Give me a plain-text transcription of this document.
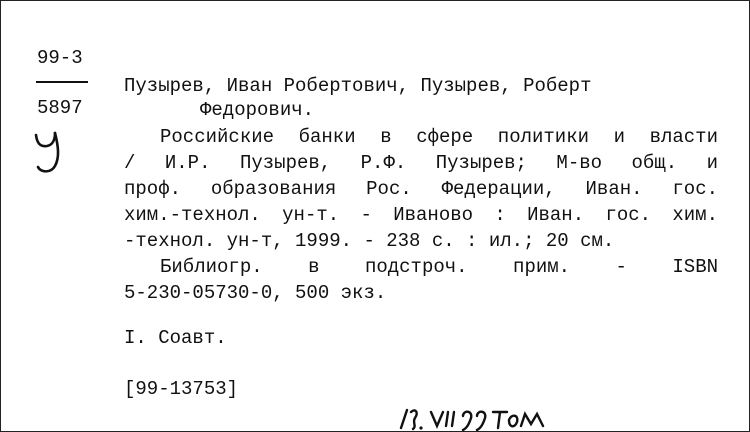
99-3
5897
Пузырев, Иван Робертович, Пузырев, Роберт
Федорович.
Российские банки в сфере политики и власти
/ И.Р. Пузырев, Р.Ф. Пузырев; М-во общ. и
проф. образования Рос. Федерации, Иван. гос.
хим.-технол. ун-т. - Иваново : Иван. гос. хим.
-технол. ун-т, 1999. - 238 с. : ил.; 20 см.
Библиогр. в подстроч. прим. - ISBN
5-230-05730-0, 500 экз.
I. Соавт.
[99-13753]
